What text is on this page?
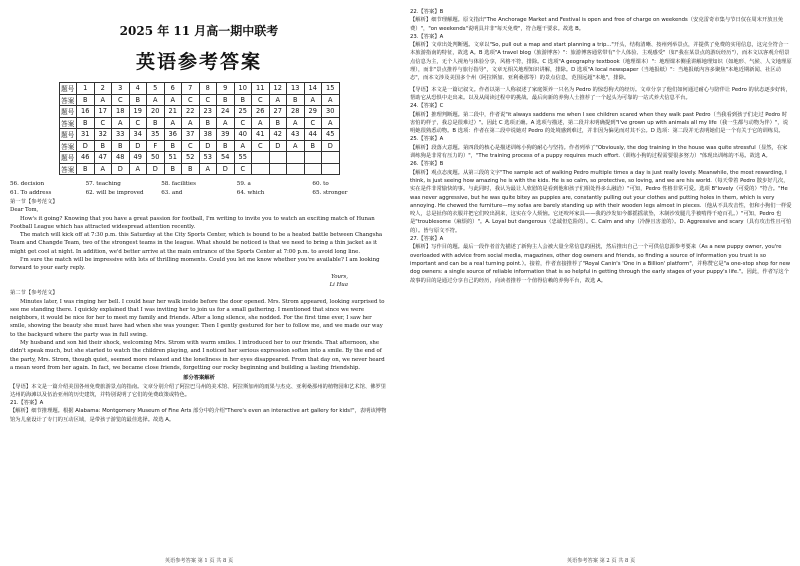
2025 年 11 月高一期中联考
英语参考答案
题号	1	2	3	4	5	6	7	8	9	10	11	12	13	14	15
答案	B	A	C	B	A	A	C	C	B	B	C	A	B	A	A
题号	16	17	18	19	20	21	22	23	24	25	26	27	28	29	30
答案	B	C	A	C	B	A	A	B	A	C	A	B	A	C	A
题号	31	32	33	34	35	36	37	38	39	40	41	42	43	44	45
答案	D	B	B	D	F	B	C	D	B	A	C	D	A	B	D
题号	46	47	48	49	50	51	52	53	54	55					
答案	B	A	D	A	D	B	B	A	D	C					
56. decision	57. teaching	58. facilities	59. a	60. to
61. To address	62. will be improved	63. and	64. which	65. stronger
第一节【参考范文】

Dear Tom,

How's it going? Knowing that you have a great passion for football, I'm writing to invite you to watch an exciting match of Hunan Football League which has attracted widespread attention recently.

The match will kick off at 7:30 p.m. this Saturday at the City Sports Center, which is bound to be a heated battle between Changsha Team and Changde Team, two of the strongest teams in the league. What should be noticed is that we need to bring a thin jacket as it might get cool at night. In addition, we'd better arrive at the main entrance of the Sports Center at 7:00 p.m. to avoid long line.

I'm sure the match will be impressive with lots of thrilling moments. Could you let me know whether you're available? I am looking forward to your early reply.

Yours,
Li Hua
第二节【参考范文】

Minutes later, I was ringing her bell. I could hear her walk inside before the door opened. Mrs. Strom appeared, looking surprised to see me standing there. I quickly explained that I was inviting her to join us for a small gathering. I mentioned that since we were neighbors, it would be nice for her to meet my family and friends. After a long silence, she nodded. For the first time ever, I saw her smile, showing the beauty she must have had when she was younger. Then I gently gestured for her to follow me, and we made our way to the backyard where the party was in full swing.

My husband and son hid their shock, welcoming Mrs. Strom with warm smiles. I introduced her to our friends. That afternoon, she didn't speak much, but she started to watch the children playing, and I noticed her serious expression soften into a smile. By the end of the party, Mrs. Strom, though quiet, seemed more relaxed and the loneliness in her eyes disappeared. From that day on, we never heard a mean word from her again. In fact, we became close friends, forgetting our rocky beginning and building a lasting friendship.

部分答案解析
【导语】本文是一篇介绍美国各州免费旅游景点的指南。文章分别介绍了阿拉巴马州的美术馆、阿拉斯加州的雨果与杰克、亚利桑那州的植物园和艺术馆、佛罗里达州的海滩以及伍治亚州的历史建筑，并特别说明了它们的免费政策或特色。
21.【答案】A
【解析】细节推理题。根据 Alabama: Montgomery Museum of Fine Arts 部分中的介绍"There's even an interactive art gallery for kids!"，表明该博物馆为儿童设计了专门的互动区域，是带孩子游览的最佳选择。故选 A。
英语参考答案 第 1 页 共 8 页
22.【答案】B
【解析】细节理解题。原文指出"The Anchorage Market and Festival is open and free of charge on weekends（安克雷奇市集与节日仅在周末开放且免费）"，"on weekends"说明具并非"每天免费"，符合题干要求。故选 B。
23.【答案】A
【解析】文章出处判断题。文章以"So, pull out a map and start planning a trip..."开头，结构清晰、按州列举景点，并提供了免费的实用信息，这完全符合一本旅游指南的特征，故选 A。B 选项"A travel blog（旅游博客）"：旅游博客通常带有"个人体验、主观感受"（如"我在某景点的游玩经历"），而本文以客观介绍景点信息为主，无个人视角与体验分享，风格不符，排除。C 选项"A geography textbook（地理课本）"：地理课本侧重讲解地理知识（如地形、气候、人文地理原理），而非"景点推荐与旅行指导"，文章无相关地理知识讲解，排除。D 选项"A local newspaper（当地报纸）"：当地报纸内容多聚焦"本地近期新闻、社区动态"，而本文涉及美国多个州（阿拉斯加、亚利桑那等）的景点信息，范围远超"本地"，排除。
【导语】本文是一篇记叙文。作者以第一人称叙述了家庭领养一只名为 Pedro 的惊恐狗犬的经历。文章分享了他们如何通过耐心与陪伴让 Pedro 的状态逐步好转，帮助它从恐惧中走出来。以及从阅读过程中的挑战、最后向新的养狗人士推荐了一个起头为可靠的一站式养犬信息平台。
24.【答案】C
【解析】推理判断题。第二段中，作者说"it always saddens me when I see children scared when they walk past Pedro（当我看到孩子们走过 Pedro 时害怕的样子，我总是很难过）"。因此 C 选项正确。A 选项与描述，第二段并未明确提到"I've grown up with animals all my life（我一生都与动物为伴）"，说明她很熟悉动物。B 选项：作者在第二段中说她对 Pedro 的处境感到难过，并非因为偏见而对其不公。D 选项：第二段并无表明她们是一个有关于它的训练员。
25.【答案】A
【解析】段落大意题。第四段的核心是描述训练小狗的耐心与坚持。作者列举了"Obviously, the dog training in the house was quite stressful（显然，在家训练狗是非常有压力的）"，"The training process of a puppy requires much effort.（训练小狗的过程需要很多努力）"体现出训练的不易。故选 A。
26.【答案】B
【解析】观点态度题。从第三段的文字"The sample act of walking Pedro multiple times a day is just really lovely. Meanwhile, the most rewarding, I think, is just seeing how amazing he is with the kids. He is so calm, so protective, so loving, and we are his world.（每天带着 Pedro 散步好几次，实在是件非常愉快的事。与此同时，我认为最让人欣慰的是看到他和孩子们相处得多么融洽）"可知，Pedro 性格非常可爱。选项 B"lovely（可爱的）"符合。"He was never aggressive, but he was quite bitey as puppies are, constantly pulling out your clothes and putting holes in them, which is very annoying. He chewed the furniture—my sofas are barely standing up with their wooden legs almost in pieces.（他从不具攻击性，但和小狗们一样爱咬人，总是扯你的衣服并把它们咬出洞来，这实在令人烦恼。它还咬坏家具——我的沙发如今都摇摇欲坠，木制沙发腿几乎被啃得千疮百孔。）"可知，Pedro 也是"troublesome（麻烦的）"。A. Loyal but dangerous（忠诚但危险的）。C. Calm and shy（冷静且害羞的）。D. Aggressive and scary（具有攻击性且可怕的）。皆与原文不符。
27.【答案】A
【解析】写作目的题。最后一段作者首先描述了新狗主人会被大量全常信息的困扰，然后推出自己一个可供信息源参考要来（As a new puppy owner, you're overloaded with advice from social media, magazines, other dog owners and friends, so finding a source of information you trust is so important and can be a real turning point.）。接着，作者直接推荐了"Royal Canin's 'One in a Billion' platform"，并称赞它是"a one-stop shop for new dog owners: a single source of reliable information that is so helpful in getting through the early stages of your puppy's life."。因此，作者写这个故事的目的是通过分享自己的经历，向读者推荐一个值得信赖的养狗平台，故选 A。
英语参考答案 第 2 页 共 8 页
